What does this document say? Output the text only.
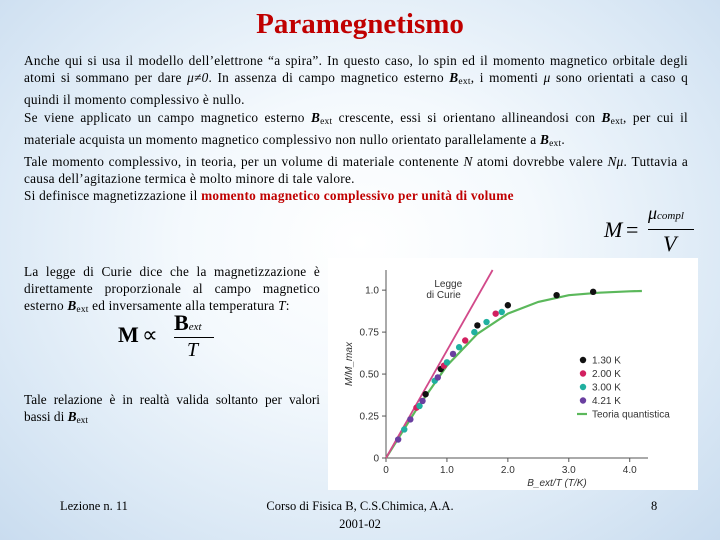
Paramegnetismo

Anche qui si usa il modello dell’elettrone “a spira”. In questo caso, lo spin ed il momento magnetico orbitale degli atomi si sommano per dare μ≠0. In assenza di campo magnetico esterno $B_{ext}$, i momenti μ sono orientati a caso q quindi il momento complessivo è nullo.

Se viene applicato un campo magnetico esterno $B_{ext}$ crescente, essi si orientano allineandosi con $B_{ext}$, per cui il materiale acquista un momento magnetico complessivo non nullo orientato parallelamente a $B_{ext}$.

Tale momento complessivo, in teoria, per un volume di materiale contenente N atomi dovrebbe valere Nμ. Tuttavia a causa dell’agitazione termica è molto minore di tale valore.

Si definisce magnetizzazione il momento magnetico complessivo per unità di volume

M =
μcompl
V

La legge di Curie dice che la magnetizzazione è direttamente proporzionale al campo magnetico esterno $B_{ext}$ ed inversamente alla temperatura T:

M ∝ Bext
T
Tale relazione è in realtà valida soltanto per valori bassi di $B_{ext}$
0	1.0	2.0	3.0	4.0
0
0.25
0.50
0.75
1.0
B_ext/T (T/K)
M/M_max
Legge
di Curie
1.30 K
2.00 K
3.00 K
4.21 K
Teoria quantistica
Lezione n. 11	Corso di Fisica B, C.S.Chimica, A.A.
2001-02
8
